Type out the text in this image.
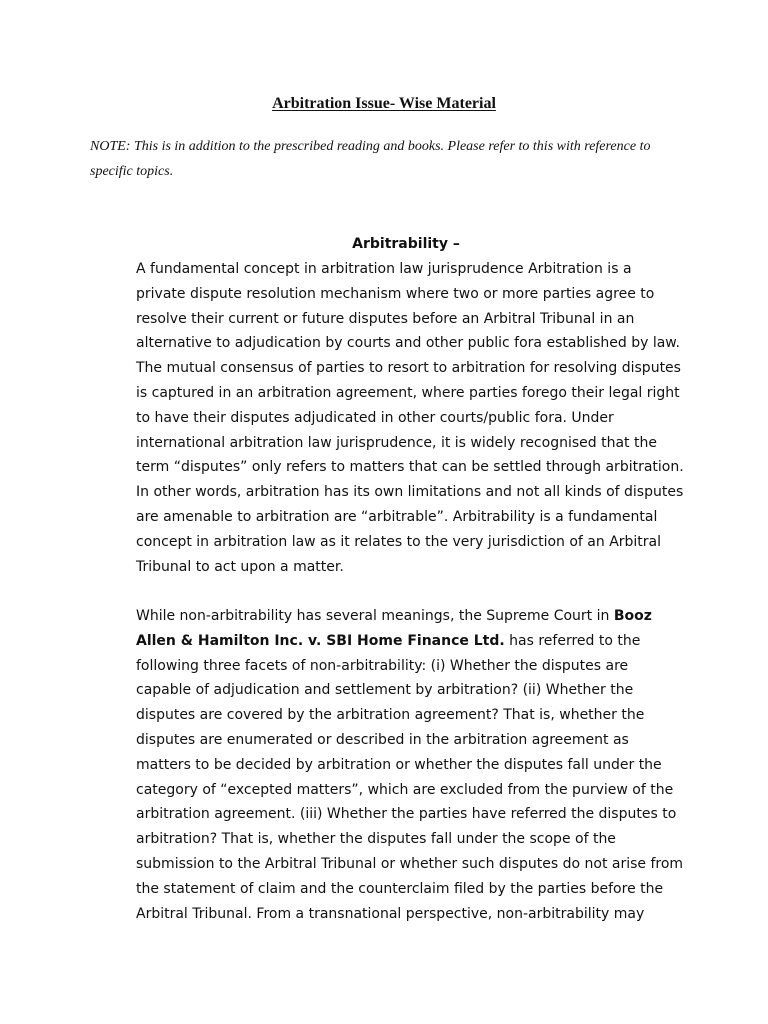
Arbitration Issue- Wise Material
NOTE: This is in addition to the prescribed reading and books. Please refer to this with reference to specific topics.
Arbitrability –

A fundamental concept in arbitration law jurisprudence Arbitration is a private dispute resolution mechanism where two or more parties agree to resolve their current or future disputes before an Arbitral Tribunal in an alternative to adjudication by courts and other public fora established by law. The mutual consensus of parties to resort to arbitration for resolving disputes is captured in an arbitration agreement, where parties forego their legal right to have their disputes adjudicated in other courts/public fora. Under international arbitration law jurisprudence, it is widely recognised that the term “disputes” only refers to matters that can be settled through arbitration. In other words, arbitration has its own limitations and not all kinds of disputes are amenable to arbitration are “arbitrable”. Arbitrability is a fundamental concept in arbitration law as it relates to the very jurisdiction of an Arbitral Tribunal to act upon a matter.

While non-arbitrability has several meanings, the Supreme Court in Booz Allen & Hamilton Inc. v. SBI Home Finance Ltd. has referred to the following three facets of non-arbitrability: (i) Whether the disputes are capable of adjudication and settlement by arbitration? (ii) Whether the disputes are covered by the arbitration agreement? That is, whether the disputes are enumerated or described in the arbitration agreement as matters to be decided by arbitration or whether the disputes fall under the category of “excepted matters”, which are excluded from the purview of the arbitration agreement. (iii) Whether the parties have referred the disputes to arbitration? That is, whether the disputes fall under the scope of the submission to the Arbitral Tribunal or whether such disputes do not arise from the statement of claim and the counterclaim filed by the parties before the Arbitral Tribunal. From a transnational perspective, non-arbitrability may
